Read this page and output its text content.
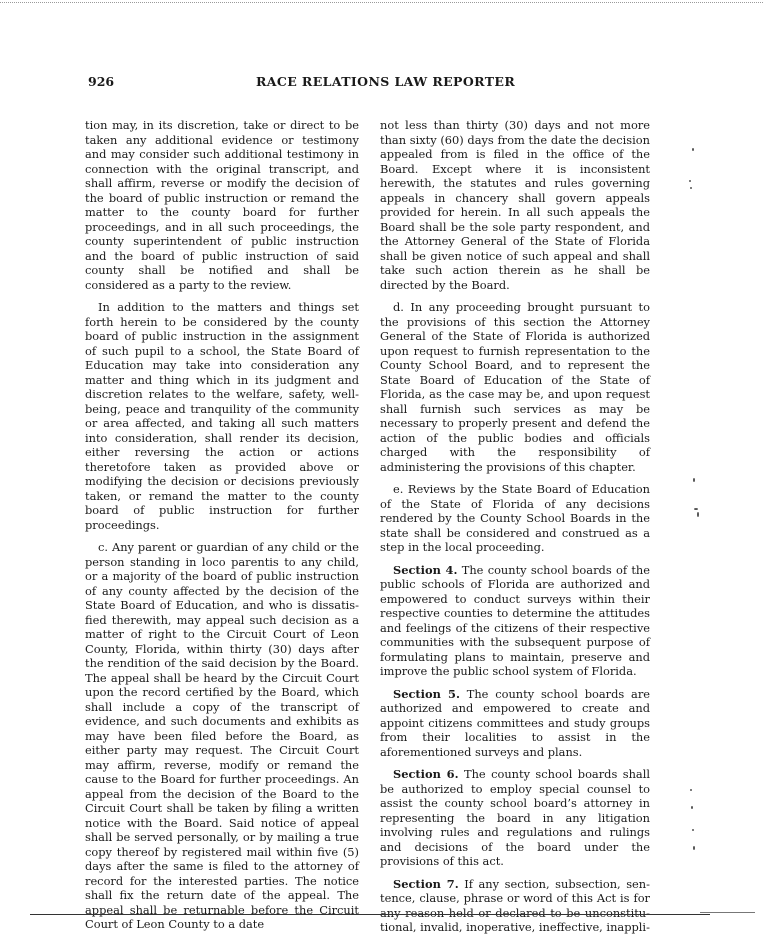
926	RACE RELATIONS LAW REPORTER

tion may, in its discretion, take or direct to be taken any additional evidence or testimony and may consider such additional testimony in connection with the original transcript, and shall affirm, reverse or modify the decision of the board of public instruction or remand the matter to the county board for further proceedings, and in all such proceedings, the county superintendent of public instruction and the board of public instruction of said county shall be notified and shall be considered as a party to the review.

In addition to the matters and things set forth herein to be considered by the county board of public instruction in the assignment of such pupil to a school, the State Board of Education may take into consideration any matter and thing which in its judgment and discretion relates to the welfare, safety, well-being, peace and tranquility of the community or area affected, and taking all such matters into consideration, shall render its decision, either reversing the action or actions theretofore taken as provided above or modifying the decision or decisions previously taken, or remand the matter to the county board of public instruction for further proceedings.

c. Any parent or guardian of any child or the person standing in loco parentis to any child, or a majority of the board of public instruction of any county affected by the decision of the State Board of Education, and who is dissatisfied therewith, may appeal such decision as a matter of right to the Circuit Court of Leon County, Florida, within thirty (30) days after the rendition of the said decision by the Board. The appeal shall be heard by the Circuit Court upon the record certified by the Board, which shall include a copy of the transcript of evidence, and such documents and exhibits as may have been filed before the Board, as either party may request. The Circuit Court may affirm, reverse, modify or remand the cause to the Board for further proceedings. An appeal from the decision of the Board to the Circuit Court shall be taken by filing a written notice with the Board. Said notice of appeal shall be served personally, or by mailing a true copy thereof by registered mail within five (5) days after the same is filed to the attorney of record for the interested parties. The notice shall fix the return date of the appeal. The appeal shall be returnable before the Circuit Court of Leon County to a date

not less than thirty (30) days and not more than sixty (60) days from the date the decision appealed from is filed in the office of the Board. Except where it is inconsistent herewith, the statutes and rules governing appeals in chancery shall govern appeals provided for herein. In all such appeals the Board shall be the sole party respondent, and the Attorney General of the State of Florida shall be given notice of such appeal and shall take such action therein as he shall be directed by the Board.

d. In any proceeding brought pursuant to the provisions of this section the Attorney General of the State of Florida is authorized upon request to furnish representation to the County School Board, and to represent the State Board of Education of the State of Florida, as the case may be, and upon request shall furnish such services as may be necessary to properly present and defend the action of the public bodies and officials charged with the responsibility of administering the provisions of this chapter.

e. Reviews by the State Board of Education of the State of Florida of any decisions rendered by the County School Boards in the state shall be considered and construed as a step in the local proceeding.

Section 4. The county school boards of the public schools of Florida are authorized and empowered to conduct surveys within their respective counties to determine the attitudes and feelings of the citizens of their respective communities with the subsequent purpose of formulating plans to maintain, preserve and improve the public school system of Florida.

Section 5. The county school boards are authorized and empowered to create and appoint citizens committees and study groups from their localities to assist in the aforementioned surveys and plans.

Section 6. The county school boards shall be authorized to employ special counsel to assist the county school board’s attorney in representing the board in any litigation involving rules and regulations and rulings and decisions of the board under the provisions of this act.

Section 7. If any section, subsection, sentence, clause, phrase or word of this Act is for any reason held or declared to be unconstitutional, invalid, inoperative, ineffective, inappli-
